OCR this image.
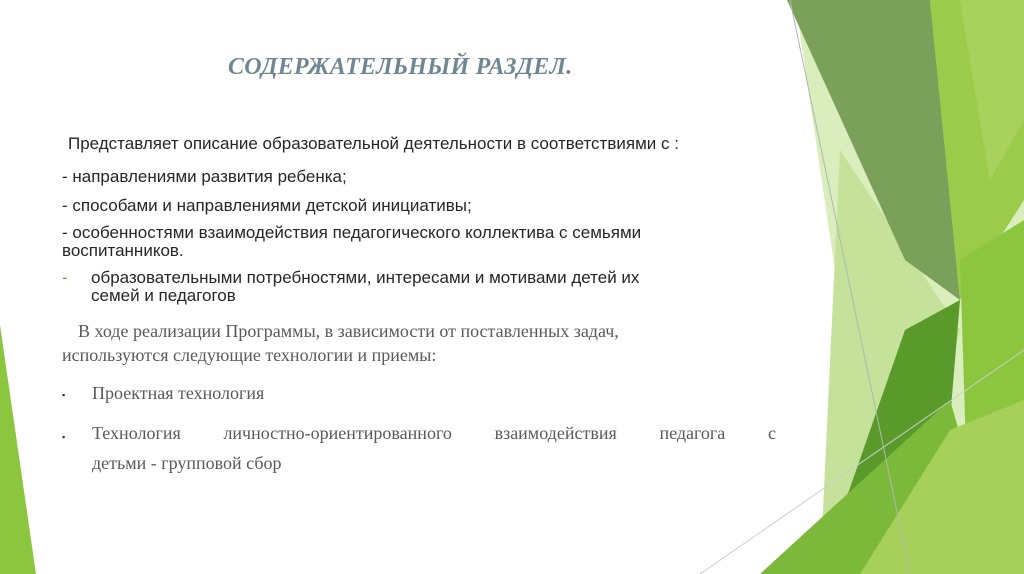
СОДЕРЖАТЕЛЬНЫЙ РАЗДЕЛ.
Представляет описание образовательной деятельности в соответствиями с :
- направлениями развития ребенка;
- способами и направлениями детской инициативы;
- особенностями взаимодействия педагогического коллектива с семьями
воспитанников.
- образовательными потребностями, интересами и мотивами детей их
семей и педагогов
В ходе реализации Программы, в зависимости от поставленных задач,
используются следующие технологии и приемы:
▪	Проектная технология
▪	Технология личностно-ориентированного взаимодействия педагога с
детьми - групповой сбор
